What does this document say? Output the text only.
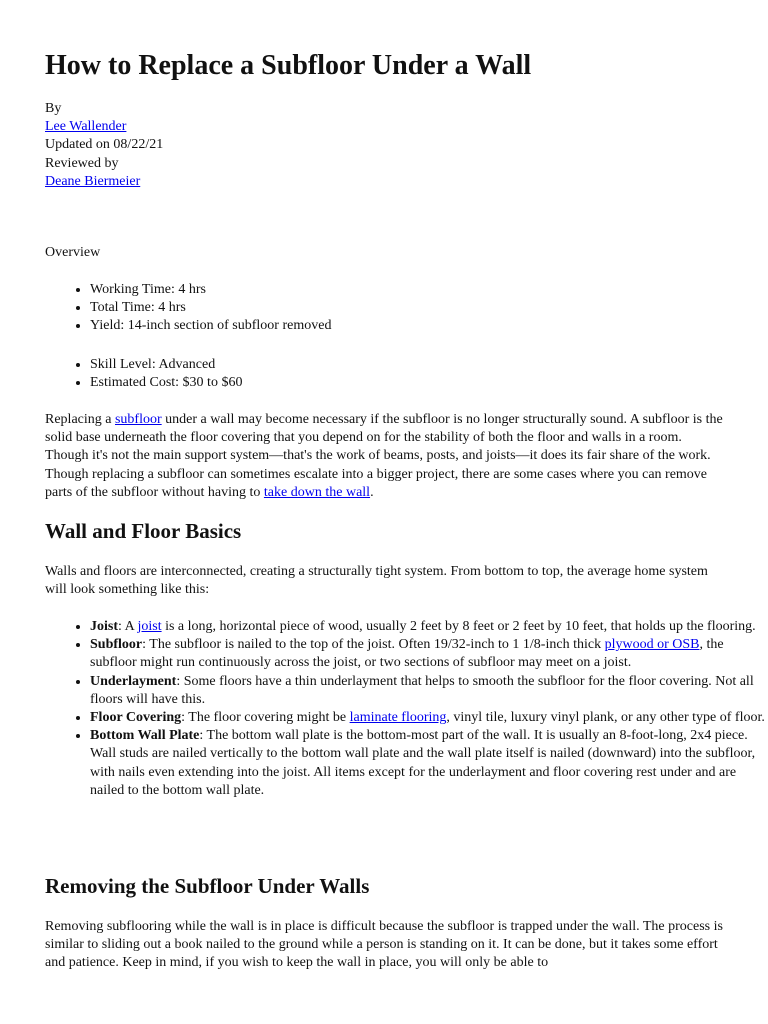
How to Replace a Subfloor Under a Wall
By
Lee Wallender
Updated on 08/22/21
Reviewed by
Deane Biermeier
Overview
• Working Time: 4 hrs
• Total Time: 4 hrs
• Yield: 14-inch section of subfloor removed
• Skill Level: Advanced
• Estimated Cost: $30 to $60

Replacing a subfloor under a wall may become necessary if the subfloor is no longer structurally sound. A subfloor is the solid base underneath the floor covering that you depend on for the stability of both the floor and walls in a room. Though it's not the main support system—that's the work of beams, posts, and joists—it does its fair share of the work. Though replacing a subfloor can sometimes escalate into a bigger project, there are some cases where you can remove parts of the subfloor without having to take down the wall.

Wall and Floor Basics

Walls and floors are interconnected, creating a structurally tight system. From bottom to top, the average home system will look something like this:

• Joist: A joist is a long, horizontal piece of wood, usually 2 feet by 8 feet or 2 feet by 10 feet, that holds up the flooring.
• Subfloor: The subfloor is nailed to the top of the joist. Often 19/32-inch to 1 1/8-inch thick plywood or OSB, the subfloor might run continuously across the joist, or two sections of subfloor may meet on a joist.
• Underlayment: Some floors have a thin underlayment that helps to smooth the subfloor for the floor covering. Not all floors will have this.
• Floor Covering: The floor covering might be laminate flooring, vinyl tile, luxury vinyl plank, or any other type of floor.
• Bottom Wall Plate: The bottom wall plate is the bottom-most part of the wall. It is usually an 8-foot-long, 2x4 piece. Wall studs are nailed vertically to the bottom wall plate and the wall plate itself is nailed (downward) into the subfloor, with nails even extending into the joist. All items except for the underlayment and floor covering rest under and are nailed to the bottom wall plate.
Removing the Subfloor Under Walls

Removing subflooring while the wall is in place is difficult because the subfloor is trapped under the wall. The process is similar to sliding out a book nailed to the ground while a person is standing on it. It can be done, but it takes some effort and patience. Keep in mind, if you wish to keep the wall in place, you will only be able to
